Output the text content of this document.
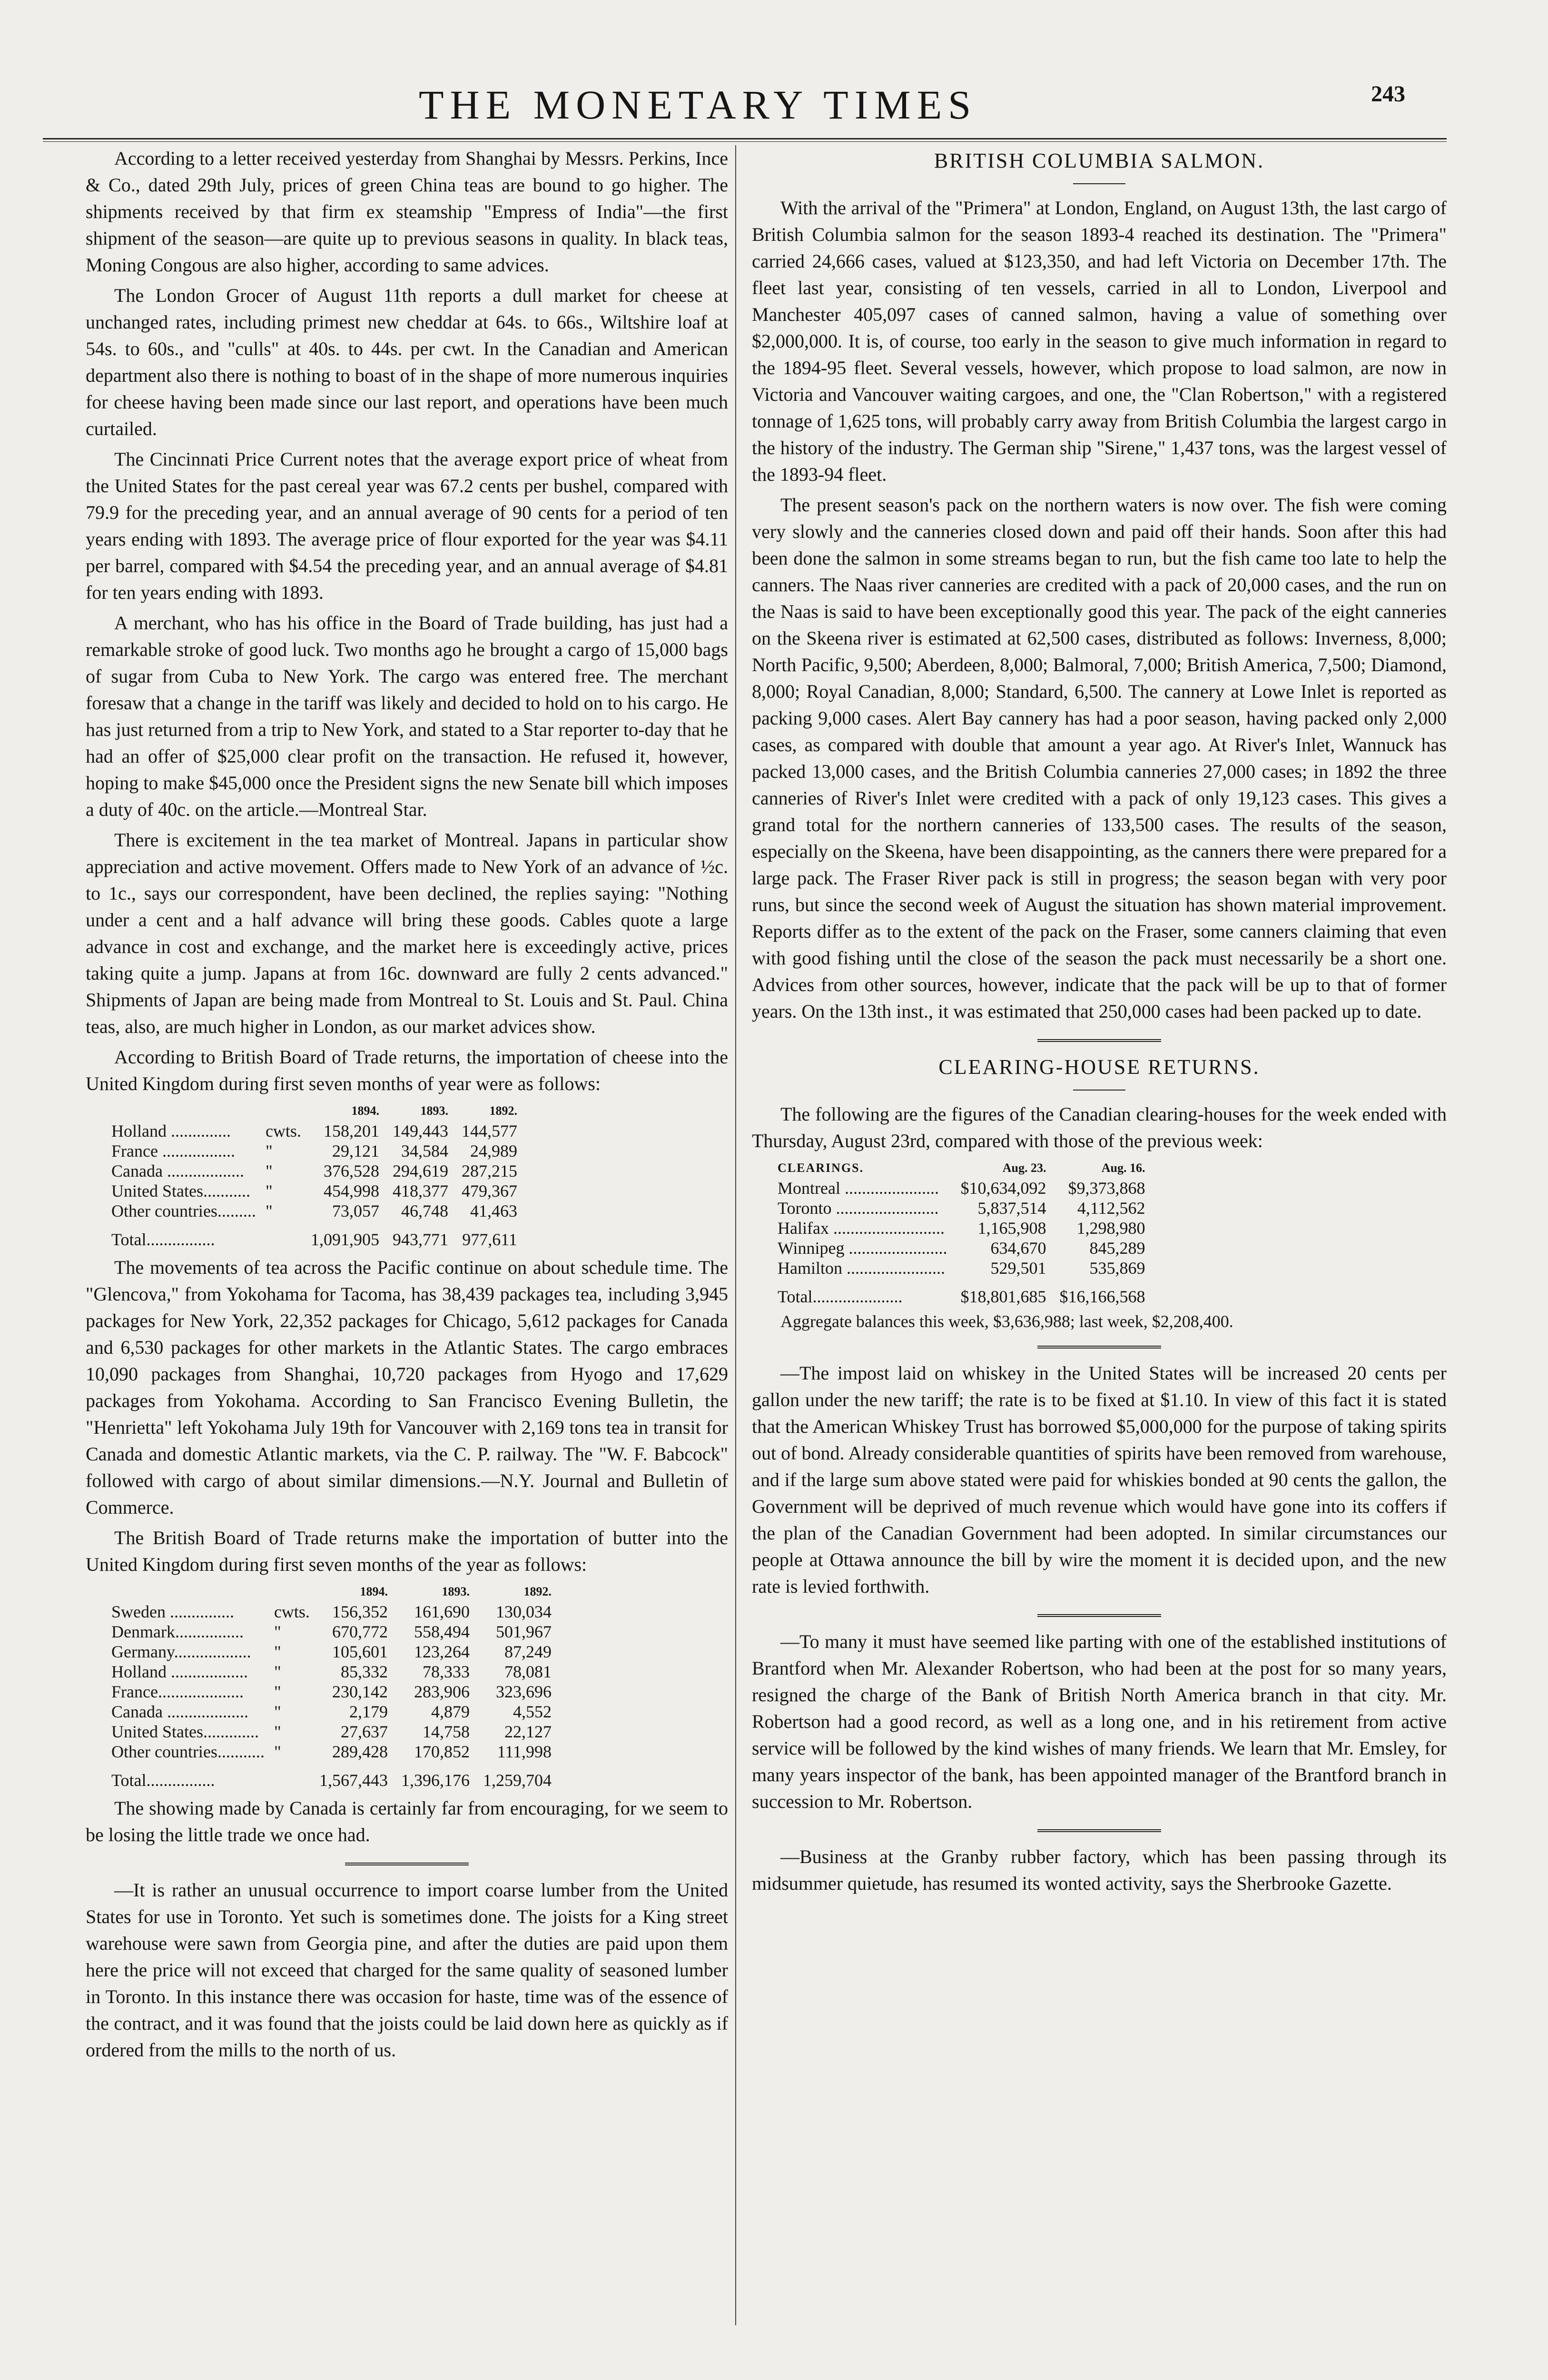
THE MONETARY TIMES	243

According to a letter received yesterday from Shanghai by Messrs. Perkins, Ince & Co., dated 29th July, prices of green China teas are bound to go higher. The shipments received by that firm ex steamship "Empress of India"—the first shipment of the season—are quite up to previous seasons in quality. In black teas, Moning Congous are also higher, according to same advices.

The London Grocer of August 11th reports a dull market for cheese at unchanged rates, including primest new cheddar at 64s. to 66s., Wiltshire loaf at 54s. to 60s., and "culls" at 40s. to 44s. per cwt. In the Canadian and American department also there is nothing to boast of in the shape of more numerous inquiries for cheese having been made since our last report, and operations have been much curtailed.

The Cincinnati Price Current notes that the average export price of wheat from the United States for the past cereal year was 67.2 cents per bushel, compared with 79.9 for the preceding year, and an annual average of 90 cents for a period of ten years ending with 1893. The average price of flour exported for the year was $4.11 per barrel, compared with $4.54 the preceding year, and an annual average of $4.81 for ten years ending with 1893.

A merchant, who has his office in the Board of Trade building, has just had a remarkable stroke of good luck. Two months ago he brought a cargo of 15,000 bags of sugar from Cuba to New York. The cargo was entered free. The merchant foresaw that a change in the tariff was likely and decided to hold on to his cargo. He has just returned from a trip to New York, and stated to a Star reporter to-day that he had an offer of $25,000 clear profit on the transaction. He refused it, however, hoping to make $45,000 once the President signs the new Senate bill which imposes a duty of 40c. on the article.—Montreal Star.

There is excitement in the tea market of Montreal. Japans in particular show appreciation and active movement. Offers made to New York of an advance of ½c. to 1c., says our correspondent, have been declined, the replies saying: "Nothing under a cent and a half advance will bring these goods. Cables quote a large advance in cost and exchange, and the market here is exceedingly active, prices taking quite a jump. Japans at from 16c. downward are fully 2 cents advanced." Shipments of Japan are being made from Montreal to St. Louis and St. Paul. China teas, also, are much higher in London, as our market advices show.

According to British Board of Trade returns, the importation of cheese into the United Kingdom during first seven months of year were as follows:

		1894.	1893.	1892.
Holland ..............	cwts.	158,201	149,443	144,577
France .................	"	29,121	34,584	24,989
Canada ..................	"	376,528	294,619	287,215
United States...........	"	454,998	418,377	479,367
Other countries.........	"	73,057	46,748	41,463
Total................		1,091,905	943,771	977,611

The movements of tea across the Pacific continue on about schedule time. The "Glencova," from Yokohama for Tacoma, has 38,439 packages tea, including 3,945 packages for New York, 22,352 packages for Chicago, 5,612 packages for Canada and 6,530 packages for other markets in the Atlantic States. The cargo embraces 10,090 packages from Shanghai, 10,720 packages from Hyogo and 17,629 packages from Yokohama. According to San Francisco Evening Bulletin, the "Henrietta" left Yokohama July 19th for Vancouver with 2,169 tons tea in transit for Canada and domestic Atlantic markets, via the C. P. railway. The "W. F. Babcock" followed with cargo of about similar dimensions.—N.Y. Journal and Bulletin of Commerce.

The British Board of Trade returns make the importation of butter into the United Kingdom during first seven months of the year as follows:

		1894.	1893.	1892.
Sweden ...............	cwts.	156,352	161,690	130,034
Denmark................	"	670,772	558,494	501,967
Germany..................	"	105,601	123,264	87,249
Holland ..................	"	85,332	78,333	78,081
France....................	"	230,142	283,906	323,696
Canada ...................	"	2,179	4,879	4,552
United States.............	"	27,637	14,758	22,127
Other countries...........	"	289,428	170,852	111,998
Total................		1,567,443	1,396,176	1,259,704

The showing made by Canada is certainly far from encouraging, for we seem to be losing the little trade we once had.

—It is rather an unusual occurrence to import coarse lumber from the United States for use in Toronto. Yet such is sometimes done. The joists for a King street warehouse were sawn from Georgia pine, and after the duties are paid upon them here the price will not exceed that charged for the same quality of seasoned lumber in Toronto. In this instance there was occasion for haste, time was of the essence of the contract, and it was found that the joists could be laid down here as quickly as if ordered from the mills to the north of us.

BRITISH COLUMBIA SALMON.

With the arrival of the "Primera" at London, England, on August 13th, the last cargo of British Columbia salmon for the season 1893-4 reached its destination. The "Primera" carried 24,666 cases, valued at $123,350, and had left Victoria on December 17th. The fleet last year, consisting of ten vessels, carried in all to London, Liverpool and Manchester 405,097 cases of canned salmon, having a value of something over $2,000,000. It is, of course, too early in the season to give much information in regard to the 1894-95 fleet. Several vessels, however, which propose to load salmon, are now in Victoria and Vancouver waiting cargoes, and one, the "Clan Robertson," with a registered tonnage of 1,625 tons, will probably carry away from British Columbia the largest cargo in the history of the industry. The German ship "Sirene," 1,437 tons, was the largest vessel of the 1893-94 fleet.

The present season's pack on the northern waters is now over. The fish were coming very slowly and the canneries closed down and paid off their hands. Soon after this had been done the salmon in some streams began to run, but the fish came too late to help the canners. The Naas river canneries are credited with a pack of 20,000 cases, and the run on the Naas is said to have been exceptionally good this year. The pack of the eight canneries on the Skeena river is estimated at 62,500 cases, distributed as follows: Inverness, 8,000; North Pacific, 9,500; Aberdeen, 8,000; Balmoral, 7,000; British America, 7,500; Diamond, 8,000; Royal Canadian, 8,000; Standard, 6,500. The cannery at Lowe Inlet is reported as packing 9,000 cases. Alert Bay cannery has had a poor season, having packed only 2,000 cases, as compared with double that amount a year ago. At River's Inlet, Wannuck has packed 13,000 cases, and the British Columbia canneries 27,000 cases; in 1892 the three canneries of River's Inlet were credited with a pack of only 19,123 cases. This gives a grand total for the northern canneries of 133,500 cases. The results of the season, especially on the Skeena, have been disappointing, as the canners there were prepared for a large pack. The Fraser River pack is still in progress; the season began with very poor runs, but since the second week of August the situation has shown material improvement. Reports differ as to the extent of the pack on the Fraser, some canners claiming that even with good fishing until the close of the season the pack must necessarily be a short one. Advices from other sources, however, indicate that the pack will be up to that of former years. On the 13th inst., it was estimated that 250,000 cases had been packed up to date.

CLEARING-HOUSE RETURNS.

The following are the figures of the Canadian clearing-houses for the week ended with Thursday, August 23rd, compared with those of the previous week:

CLEARINGS.	Aug. 23.	Aug. 16.
Montreal ......................	$10,634,092	$9,373,868
Toronto ........................	5,837,514	4,112,562
Halifax ..........................	1,165,908	1,298,980
Winnipeg .......................	634,670	845,289
Hamilton .......................	529,501	535,869
Total.....................	$18,801,685	$16,166,568
Aggregate balances this week, $3,636,988; last week, $2,208,400.

—The impost laid on whiskey in the United States will be increased 20 cents per gallon under the new tariff; the rate is to be fixed at $1.10. In view of this fact it is stated that the American Whiskey Trust has borrowed $5,000,000 for the purpose of taking spirits out of bond. Already considerable quantities of spirits have been removed from warehouse, and if the large sum above stated were paid for whiskies bonded at 90 cents the gallon, the Government will be deprived of much revenue which would have gone into its coffers if the plan of the Canadian Government had been adopted. In similar circumstances our people at Ottawa announce the bill by wire the moment it is decided upon, and the new rate is levied forthwith.

—To many it must have seemed like parting with one of the established institutions of Brantford when Mr. Alexander Robertson, who had been at the post for so many years, resigned the charge of the Bank of British North America branch in that city. Mr. Robertson had a good record, as well as a long one, and in his retirement from active service will be followed by the kind wishes of many friends. We learn that Mr. Emsley, for many years inspector of the bank, has been appointed manager of the Brantford branch in succession to Mr. Robertson.

—Business at the Granby rubber factory, which has been passing through its midsummer quietude, has resumed its wonted activity, says the Sherbrooke Gazette.
